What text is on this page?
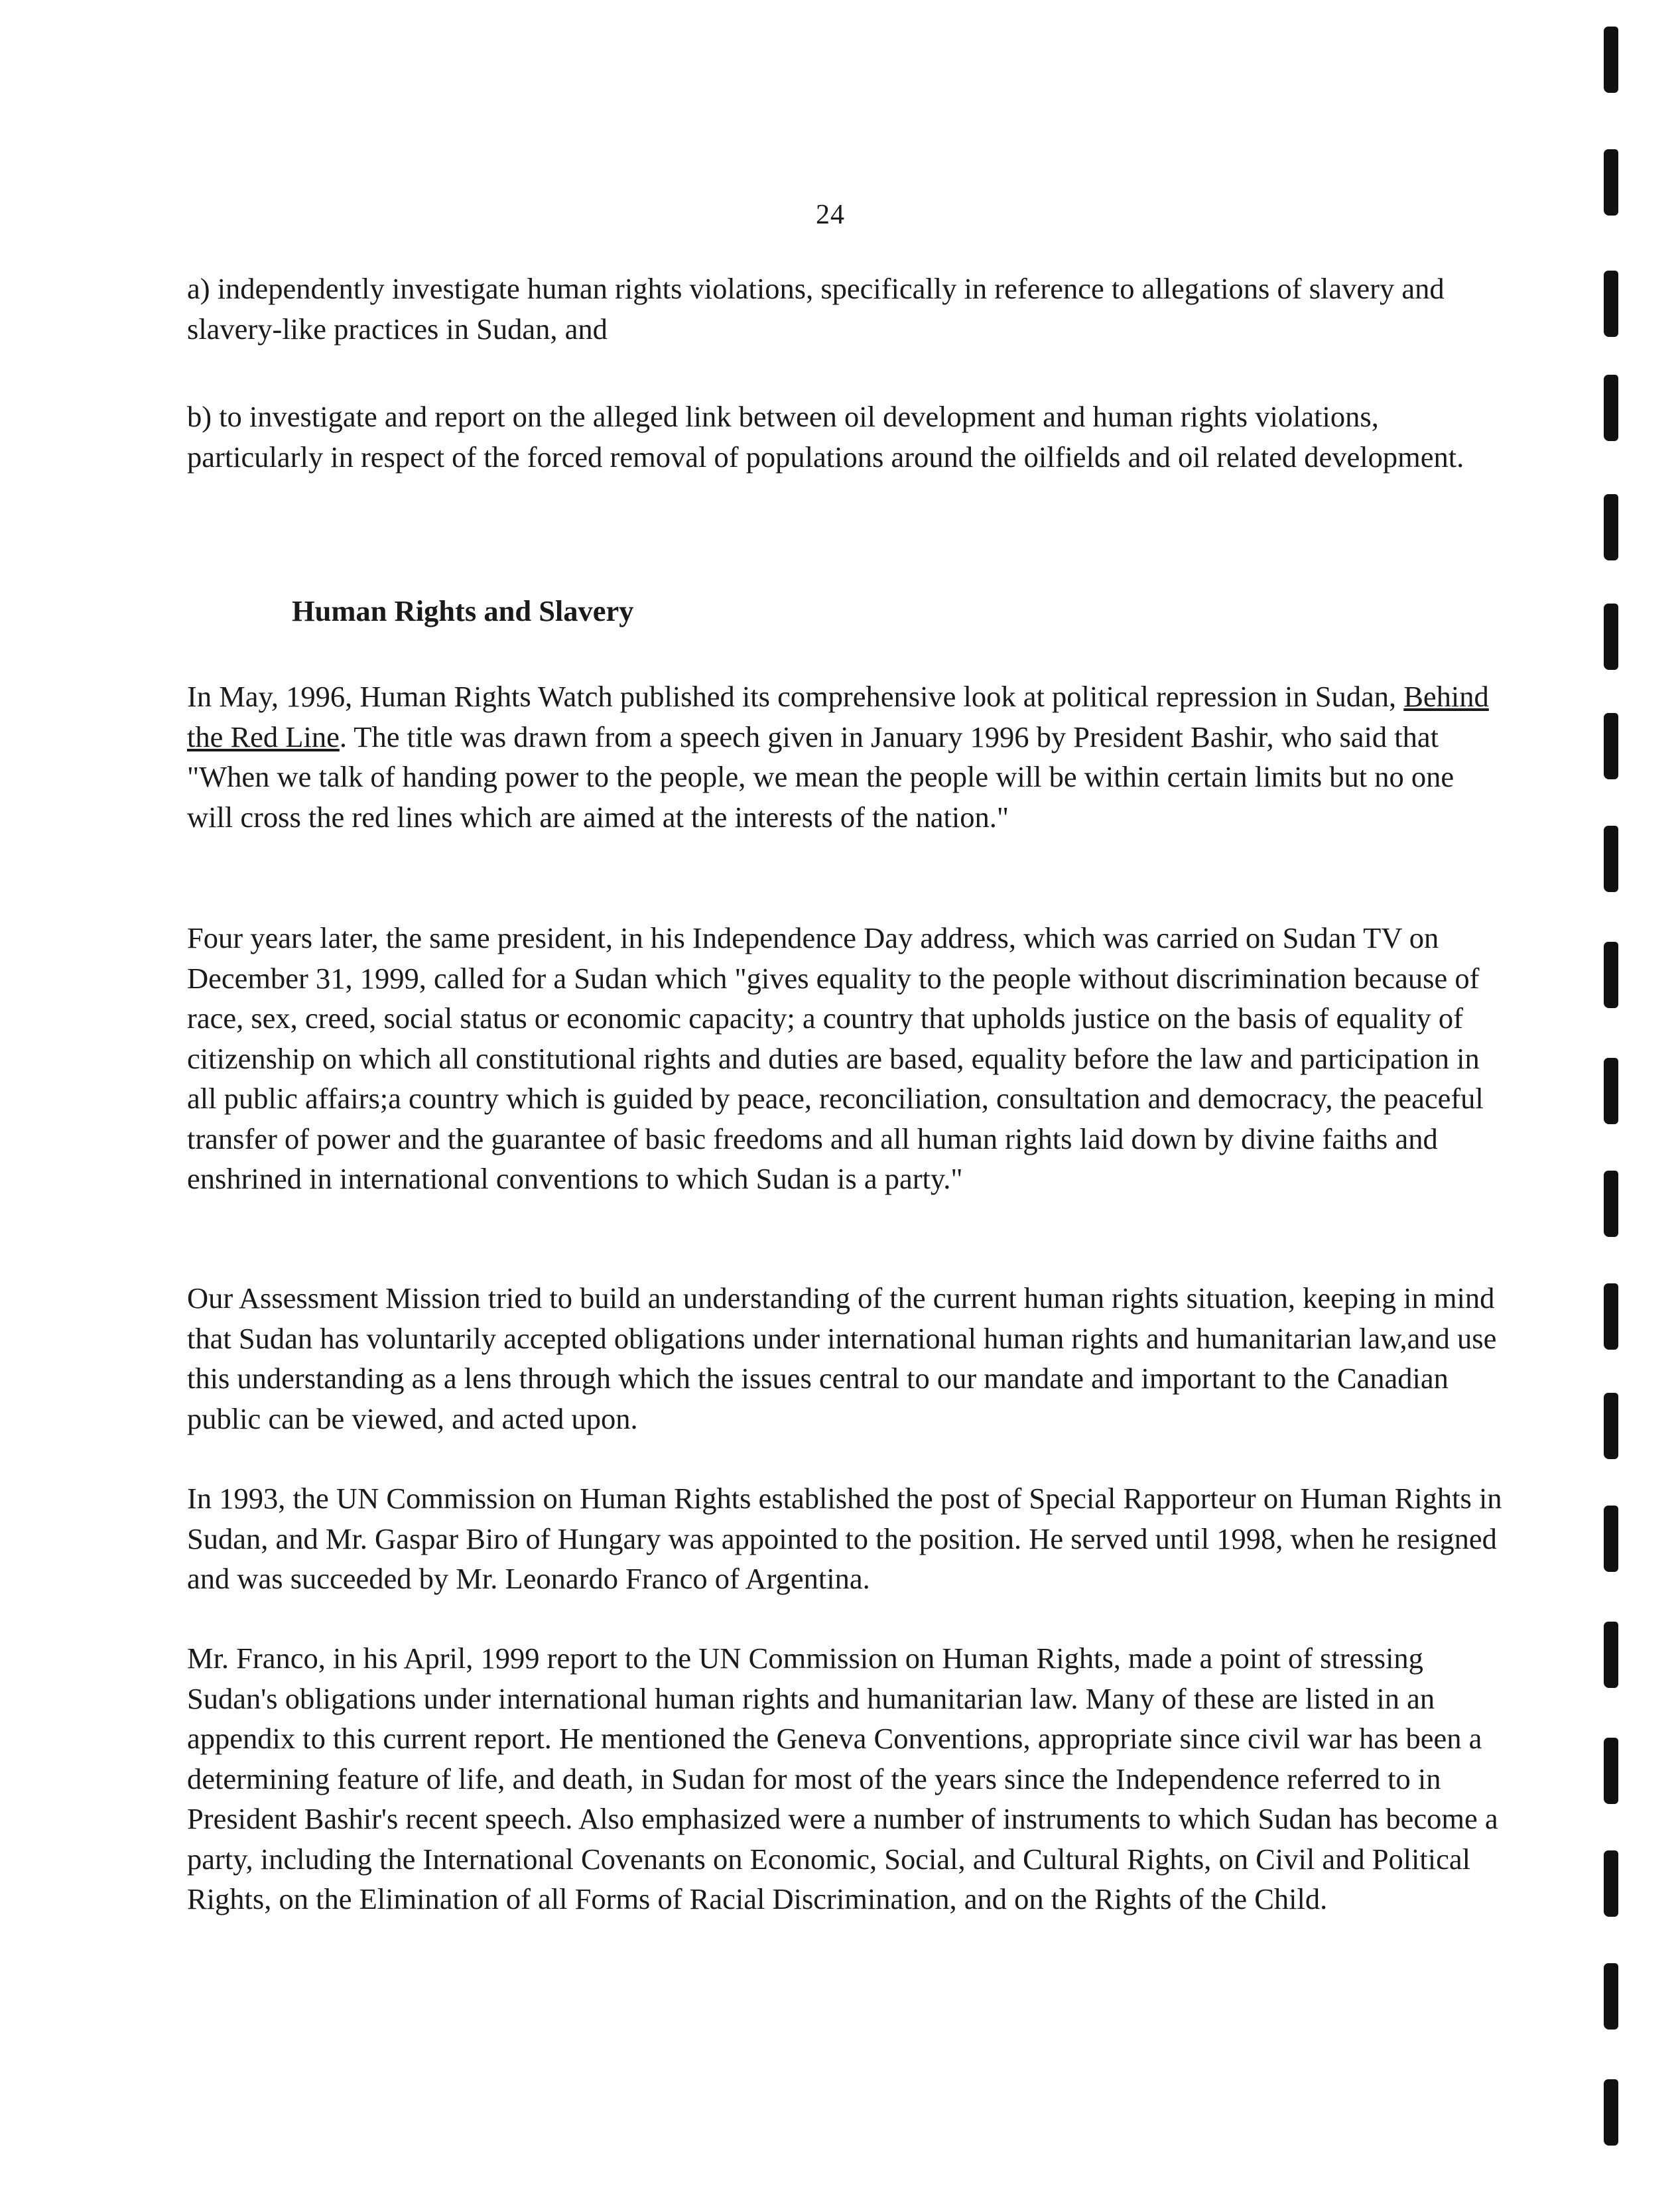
24

a) independently investigate human rights violations, specifically in reference to allegations of slavery and slavery-like practices in Sudan, and

b) to investigate and report on the alleged link between oil development and human rights violations, particularly in respect of the forced removal of populations around the oilfields and oil related development.

Human Rights and Slavery

In May, 1996, Human Rights Watch published its comprehensive look at political repression in Sudan, Behind the Red Line. The title was drawn from a speech given in January 1996 by President Bashir, who said that "When we talk of handing power to the people, we mean the people will be within certain limits but no one will cross the red lines which are aimed at the interests of the nation."

Four years later, the same president, in his Independence Day address, which was carried on Sudan TV on December 31, 1999, called for a Sudan which "gives equality to the people without discrimination because of race, sex, creed, social status or economic capacity; a country that upholds justice on the basis of equality of citizenship on which all constitutional rights and duties are based, equality before the law and participation in all public affairs;a country which is guided by peace, reconciliation, consultation and democracy, the peaceful transfer of power and the guarantee of basic freedoms and all human rights laid down by divine faiths and enshrined in international conventions to which Sudan is a party."

Our Assessment Mission tried to build an understanding of the current human rights situation, keeping in mind that Sudan has voluntarily accepted obligations under international human rights and humanitarian law,and use this understanding as a lens through which the issues central to our mandate and important to the Canadian public can be viewed, and acted upon.

In 1993, the UN Commission on Human Rights established the post of Special Rapporteur on Human Rights in Sudan, and Mr. Gaspar Biro of Hungary was appointed to the position. He served until 1998, when he resigned and was succeeded by Mr. Leonardo Franco of Argentina.

Mr. Franco, in his April, 1999 report to the UN Commission on Human Rights, made a point of stressing Sudan's obligations under international human rights and humanitarian law. Many of these are listed in an appendix to this current report. He mentioned the Geneva Conventions, appropriate since civil war has been a determining feature of life, and death, in Sudan for most of the years since the Independence referred to in President Bashir's recent speech. Also emphasized were a number of instruments to which Sudan has become a party, including the International Covenants on Economic, Social, and Cultural Rights, on Civil and Political Rights, on the Elimination of all Forms of Racial Discrimination, and on the Rights of the Child.
